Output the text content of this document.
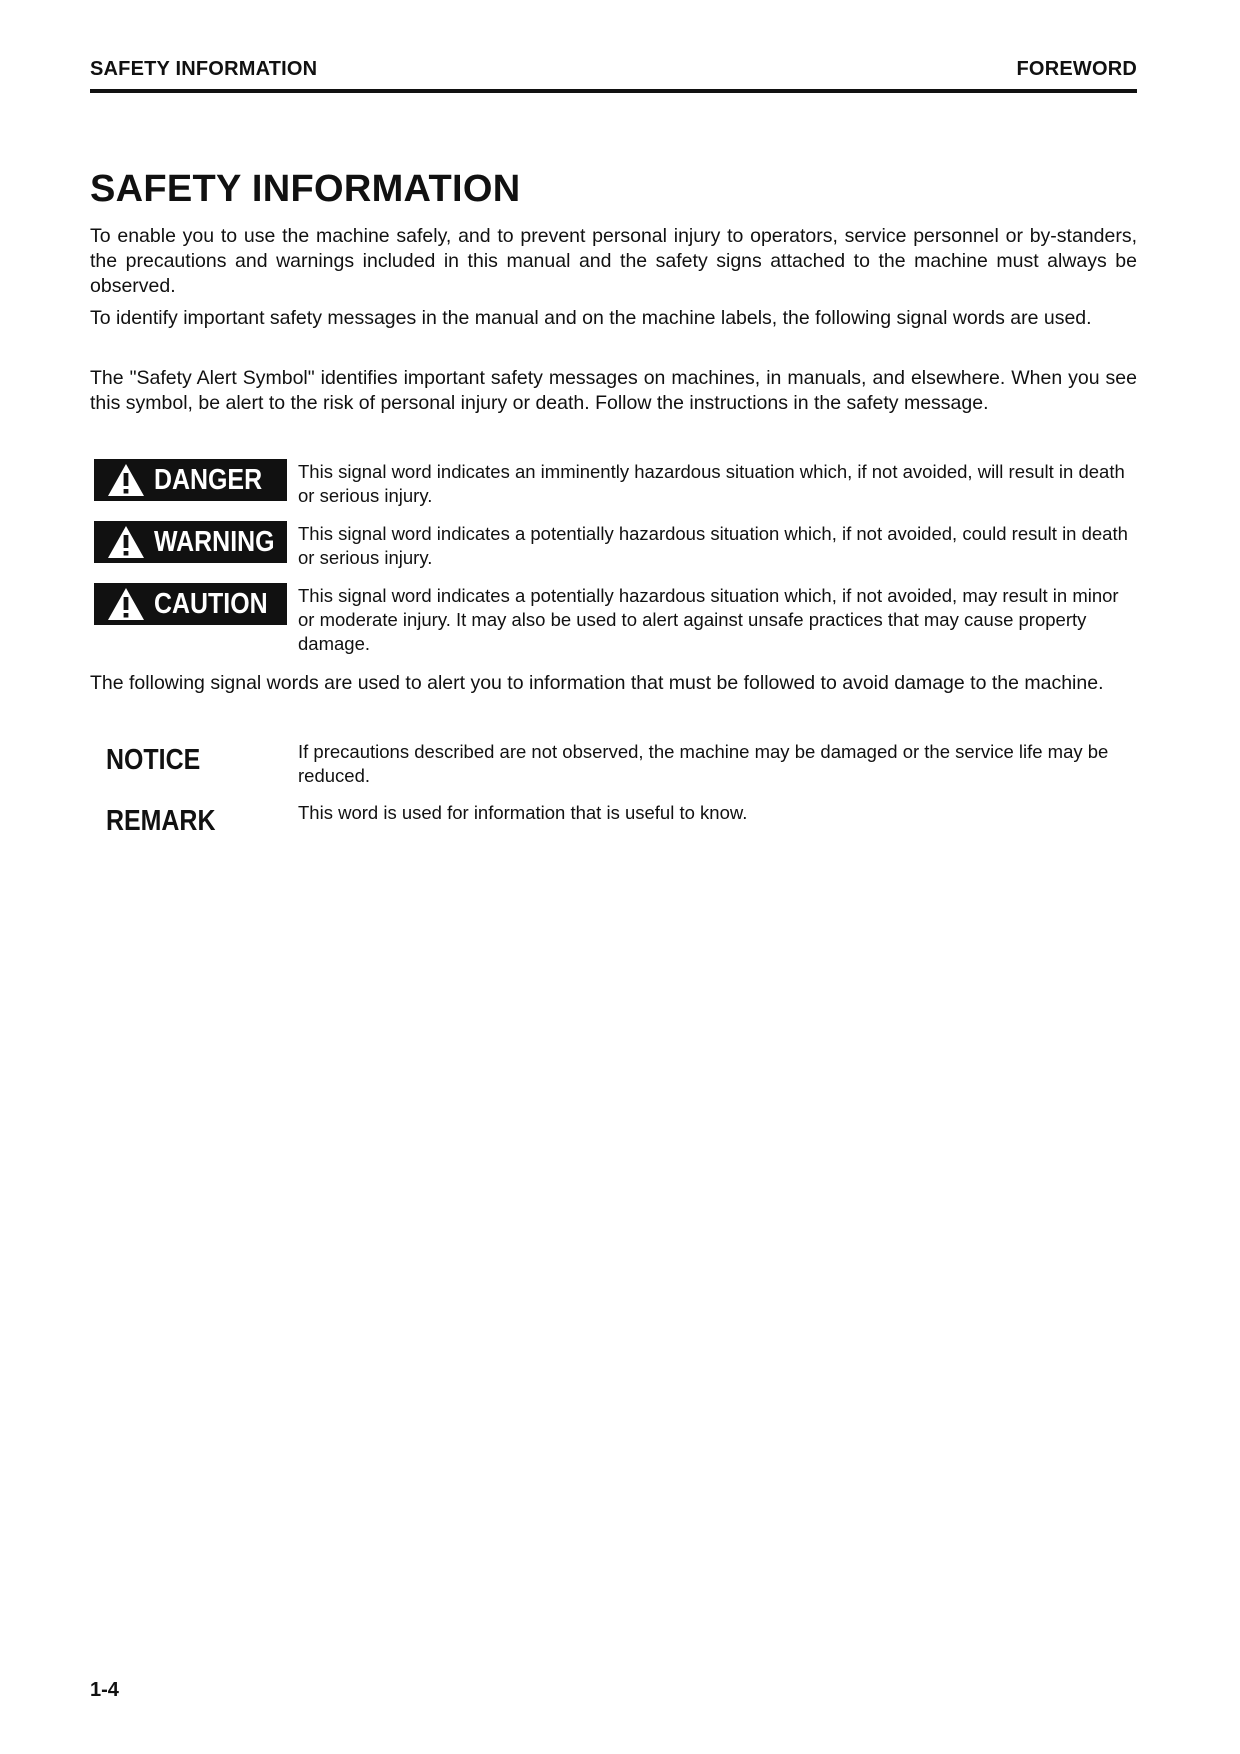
SAFETY INFORMATION	FOREWORD
SAFETY INFORMATION

To enable you to use the machine safely, and to prevent personal injury to operators, service personnel or by-standers, the precautions and warnings included in this manual and the safety signs attached to the machine must always be observed.

To identify important safety messages in the manual and on the machine labels, the following signal words are used.

The "Safety Alert Symbol" identifies important safety messages on machines, in manuals, and elsewhere. When you see this symbol, be alert to the risk of personal injury or death. Follow the instructions in the safety message.

DANGER This signal word indicates an imminently hazardous situation which, if not avoided, will result in death or serious injury.

WARNING This signal word indicates a potentially hazardous situation which, if not avoided, could result in death or serious injury.

CAUTION This signal word indicates a potentially hazardous situation which, if not avoided, may result in minor or moderate injury. It may also be used to alert against unsafe practices that may cause property damage.

The following signal words are used to alert you to information that must be followed to avoid damage to the machine.

NOTICE	If precautions described are not observed, the machine may be damaged or the service life may be reduced.

REMARK	This word is used for information that is useful to know.

1-4
